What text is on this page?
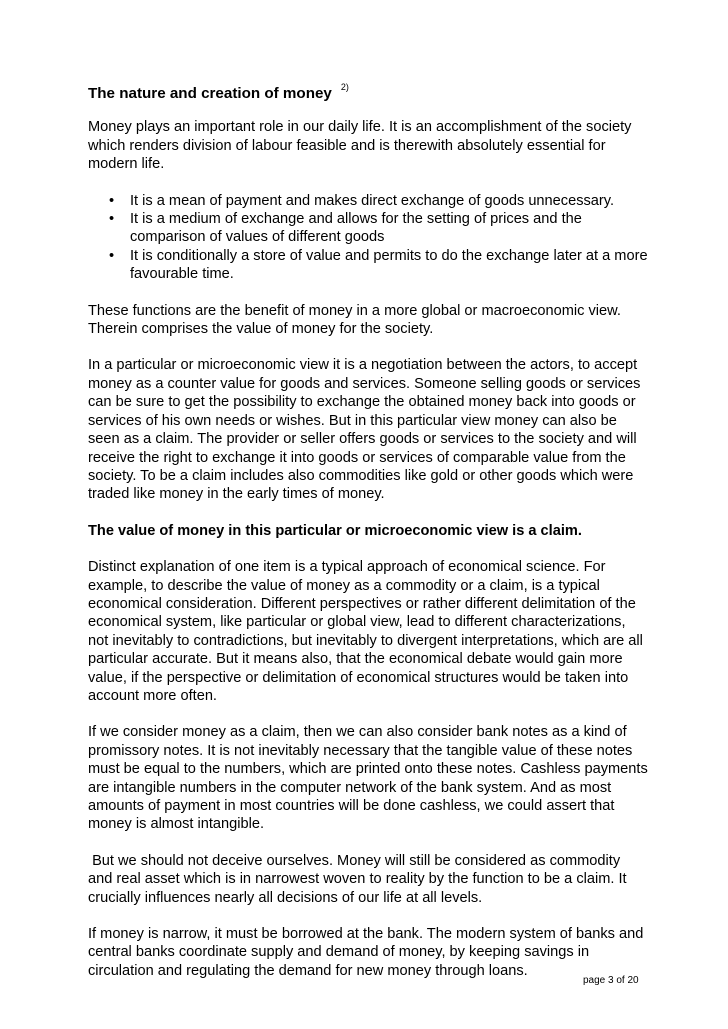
The nature and creation of money $^{2)}$

Money plays an important role in our daily life. It is an accomplishment of the society which renders division of labour feasible and is therewith absolutely essential for modern life.

• It is a mean of payment and makes direct exchange of goods unnecessary.
• It is a medium of exchange and allows for the setting of prices and the comparison of values of different goods
• It is conditionally a store of value and permits to do the exchange later at a more favourable time.

These functions are the benefit of money in a more global or macroeconomic view. Therein comprises the value of money for the society.

In a particular or microeconomic view it is a negotiation between the actors, to accept money as a counter value for goods and services. Someone selling goods or services can be sure to get the possibility to exchange the obtained money back into goods or services of his own needs or wishes. But in this particular view money can also be seen as a claim. The provider or seller offers goods or services to the society and will receive the right to exchange it into goods or services of comparable value from the society. To be a claim includes also commodities like gold or other goods which were traded like money in the early times of money.

The value of money in this particular or microeconomic view is a claim.

Distinct explanation of one item is a typical approach of economical science. For example, to describe the value of money as a commodity or a claim, is a typical economical consideration. Different perspectives or rather different delimitation of the economical system, like particular or global view, lead to different characterizations, not inevitably to contradictions, but inevitably to divergent interpretations, which are all particular accurate. But it means also, that the economical debate would gain more value, if the perspective or delimitation of economical structures would be taken into account more often.

If we consider money as a claim, then we can also consider bank notes as a kind of promissory notes. It is not inevitably necessary that the tangible value of these notes must be equal to the numbers, which are printed onto these notes. Cashless payments are intangible numbers in the computer network of the bank system. And as most amounts of payment in most countries will be done cashless, we could assert that money is almost intangible.

But we should not deceive ourselves. Money will still be considered as commodity and real asset which is in narrowest woven to reality by the function to be a claim. It crucially influences nearly all decisions of our life at all levels.

If money is narrow, it must be borrowed at the bank. The modern system of banks and central banks coordinate supply and demand of money, by keeping savings in circulation and regulating the demand for new money through loans.

page 3 of 20
